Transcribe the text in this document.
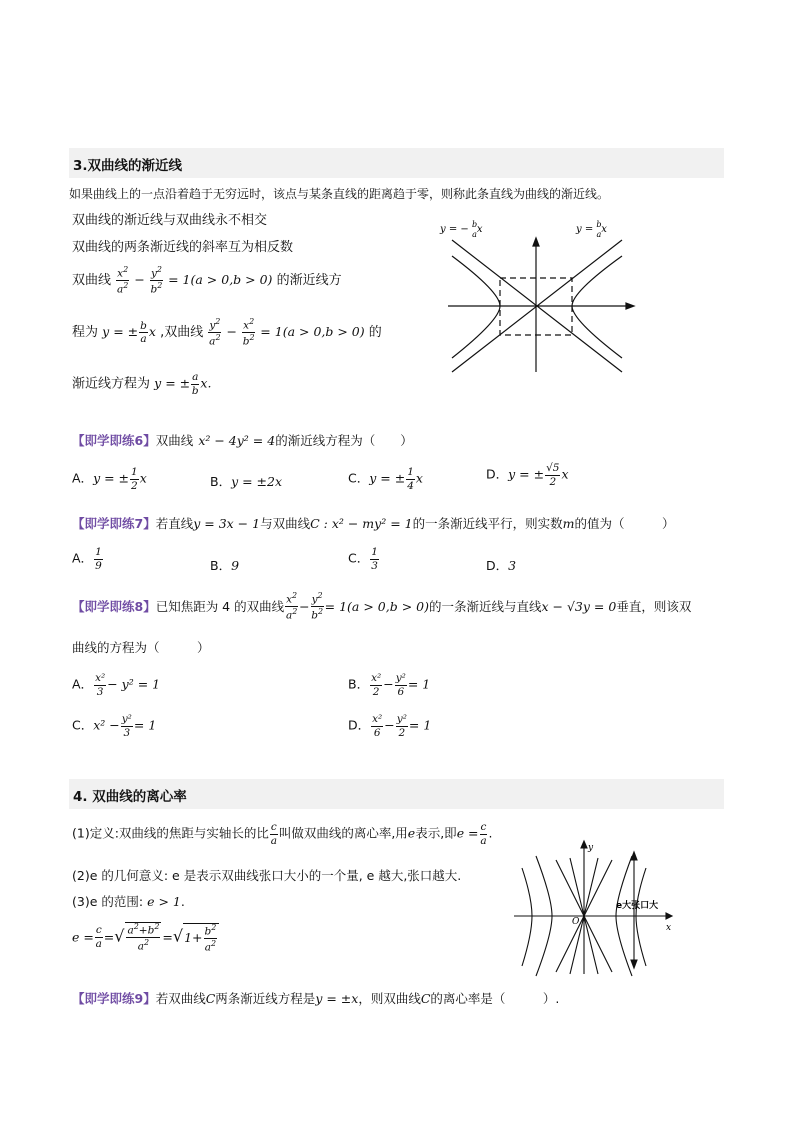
3.双曲线的渐近线
如果曲线上的一点沿着趋于无穷远时，该点与某条直线的距离趋于零，则称此条直线为曲线的渐近线。
双曲线的渐近线与双曲线永不相交
双曲线的两条渐近线的斜率互为相反数
双曲线 $\frac{x^2}{a^2} - \frac{y^2}{b^2} = 1(a > 0,b > 0)$ 的渐近线方
程为 y = ± $\frac{b}{a}$ x ,双曲线 $\frac{y^2}{a^2} - \frac{x^2}{b^2} = 1(a > 0,b > 0)$ 的
渐近线方程为 y = ± $\frac{a}{b} x$.
y = − $^b$ ax	y = $^b$ ax
【即学即练6】双曲线 x² − 4y² = 4的渐近线方程为（　　）
A．y = ± $\frac{1}{2}$ x	B．y = ±2x	C．y = ± $\frac{1}{4}$ x	D．y = ± $\frac{√5}{2}$ x
【即学即练7】若直线y = 3x − 1与双曲线C : x² − my² = 1的一条渐近线平行，则实数m的值为（　　　）
A． $\frac{1}{9}$	B．9	C． $\frac{1}{3}$	D．3
【即学即练8】已知焦距为 4 的双曲线 $\frac{x^2}{a^2} - \frac{y^2}{b^2} = 1(a > 0,b > 0)$的一条渐近线与直线x − √3y = 0垂直，则该双
曲线的方程为（　　　）
A． $\frac{\text{x²}}{3} - y^2 = 1$	B． $\frac{\text{x²}}{2} - \frac{\text{y²}}{6} = 1$
C．$x^2 - \frac{\text{y²}}{3} = 1$	D． $\frac{\text{x²}}{6} - \frac{\text{y²}}{2} = 1$
4. 双曲线的离心率
(1)定义:双曲线的焦距与实轴长的比 $\frac{c}{a}$ 叫做双曲线的离心率,用e表示,即$e = \frac{c}{a}$ .
(2)e 的几何意义: e 是表示双曲线张口大小的一个量, e 越大,张口越大.
(3)e 的范围: e > 1.
$e = \frac{c}{a}$ =√ $\frac{a^2+b^2}{a^2} =√1+ \frac{b^2}{a^2}$	x
y
O
e大张口大
【即学即练9】若双曲线C两条渐近线方程是y = ±x，则双曲线C的离心率是（　　　）.
